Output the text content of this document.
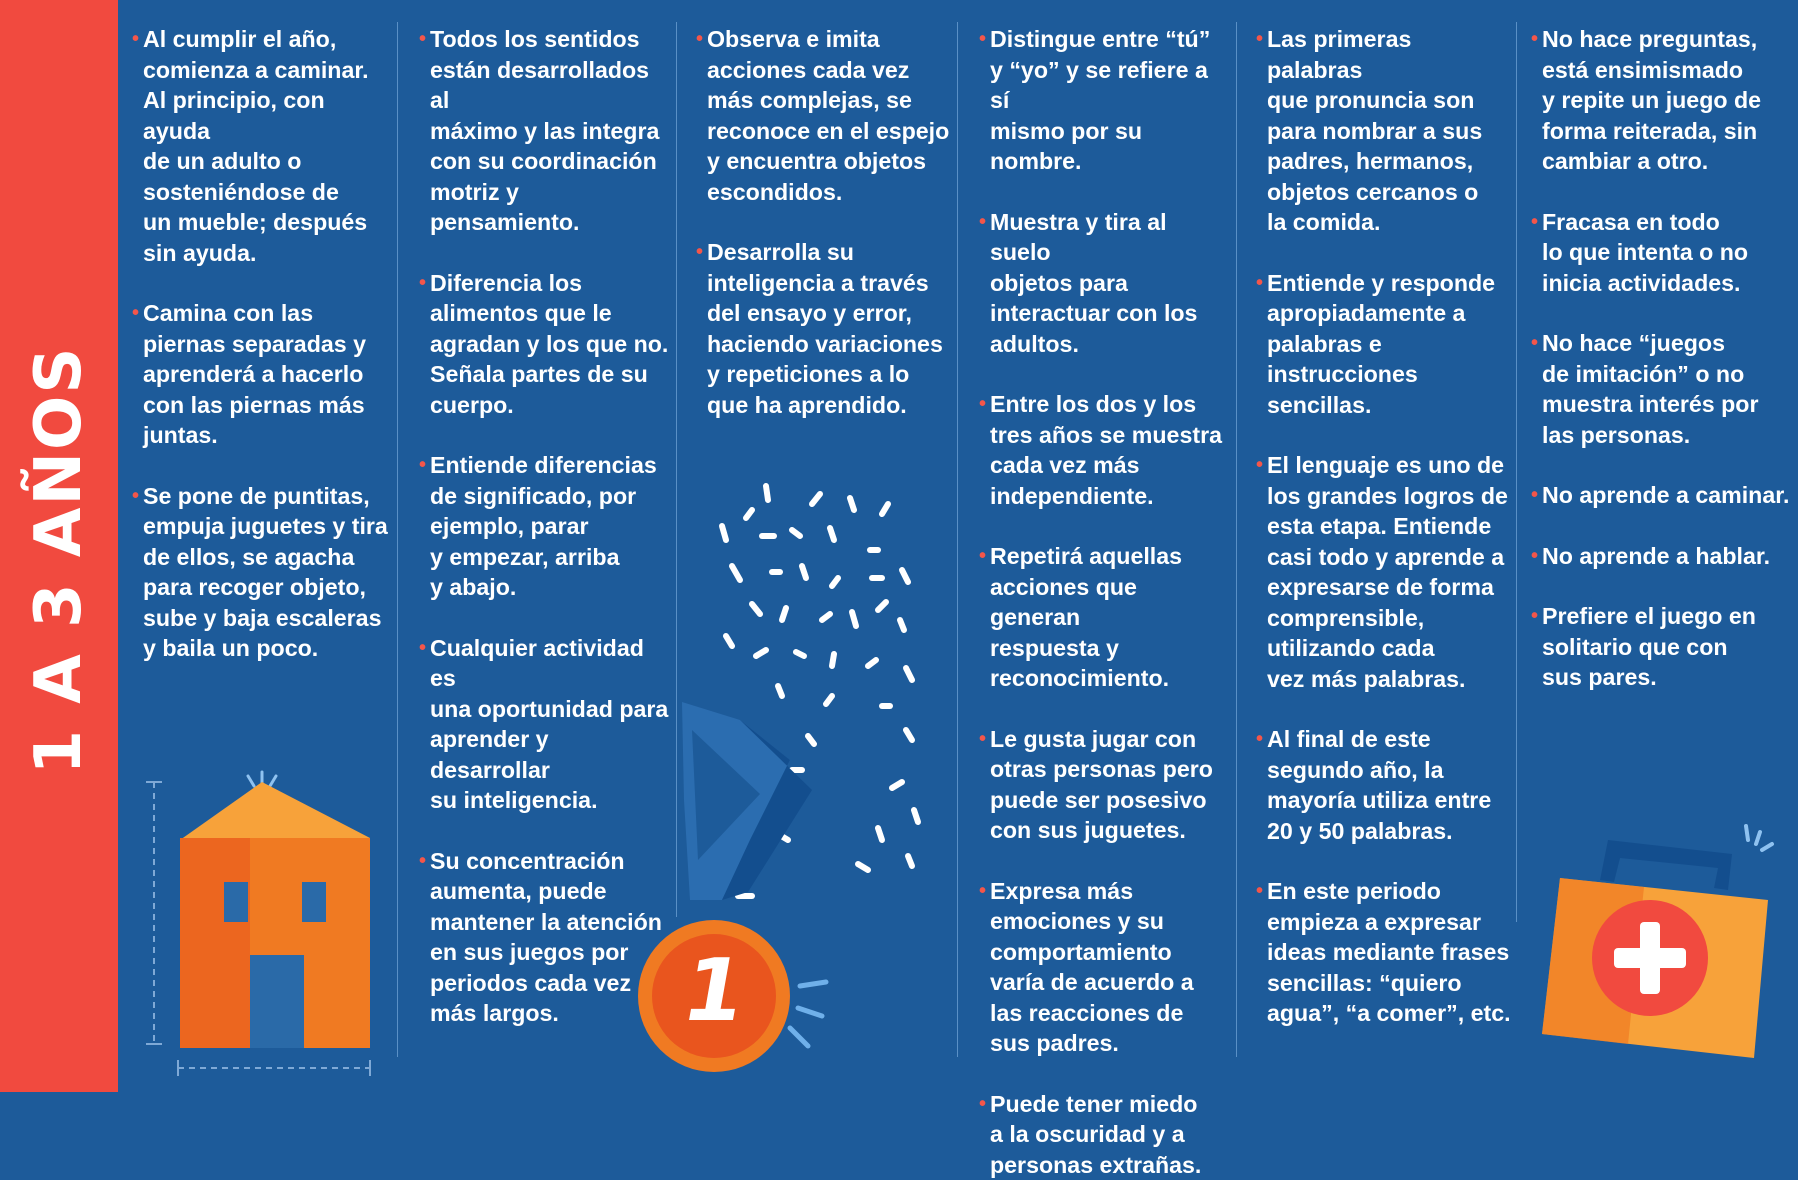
1 A 3 AÑOS
• Al cumplir el año,
comienza a caminar.
Al principio, con ayuda
de un adulto o
sosteniéndose de
un mueble; después
sin ayuda.
• Camina con las
piernas separadas y
aprenderá a hacerlo
con las piernas más
juntas.
• Se pone de puntitas,
empuja juguetes y tira
de ellos, se agacha
para recoger objeto,
sube y baja escaleras
y baila un poco.
• Todos los sentidos
están desarrollados al
máximo y las integra
con su coordinación
motriz y pensamiento.
• Diferencia los
alimentos que le
agradan y los que no.
Señala partes de su
cuerpo.
• Entiende diferencias
de significado, por
ejemplo, parar
y empezar, arriba
y abajo.
• Cualquier actividad es
una oportunidad para
aprender y desarrollar
su inteligencia.
• Su concentración
aumenta, puede
mantener la atención
en sus juegos por
periodos cada vez
más largos.
• Observa e imita
acciones cada vez
más complejas, se
reconoce en el espejo
y encuentra objetos
escondidos.
• Desarrolla su
inteligencia a través
del ensayo y error,
haciendo variaciones
y repeticiones a lo
que ha aprendido.
• Distingue entre “tú”
y “yo” y se refiere a sí
mismo por su nombre.
• Muestra y tira al suelo
objetos para
interactuar con los
adultos.
• Entre los dos y los
tres años se muestra
cada vez más
independiente.
• Repetirá aquellas
acciones que generan
respuesta y
reconocimiento.
• Le gusta jugar con
otras personas pero
puede ser posesivo
con sus juguetes.
• Expresa más
emociones y su
comportamiento
varía de acuerdo a
las reacciones de
sus padres.
• Puede tener miedo
a la oscuridad y a
personas extrañas.
• Las primeras palabras
que pronuncia son
para nombrar a sus
padres, hermanos,
objetos cercanos o
la comida.
• Entiende y responde
apropiadamente a
palabras e
instrucciones
sencillas.
• El lenguaje es uno de
los grandes logros de
esta etapa. Entiende
casi todo y aprende a
expresarse de forma
comprensible,
utilizando cada
vez más palabras.
• Al final de este
segundo año, la
mayoría utiliza entre
20 y 50 palabras.
• En este periodo
empieza a expresar
ideas mediante frases
sencillas: “quiero
agua”, “a comer”, etc.
• No hace preguntas,
está ensimismado
y repite un juego de
forma reiterada, sin
cambiar a otro.
• Fracasa en todo
lo que intenta o no
inicia actividades.
• No hace “juegos
de imitación” o no
muestra interés por
las personas.
• No aprende a caminar.
• No aprende a hablar.
• Prefiere el juego en
solitario que con
sus pares.
1
